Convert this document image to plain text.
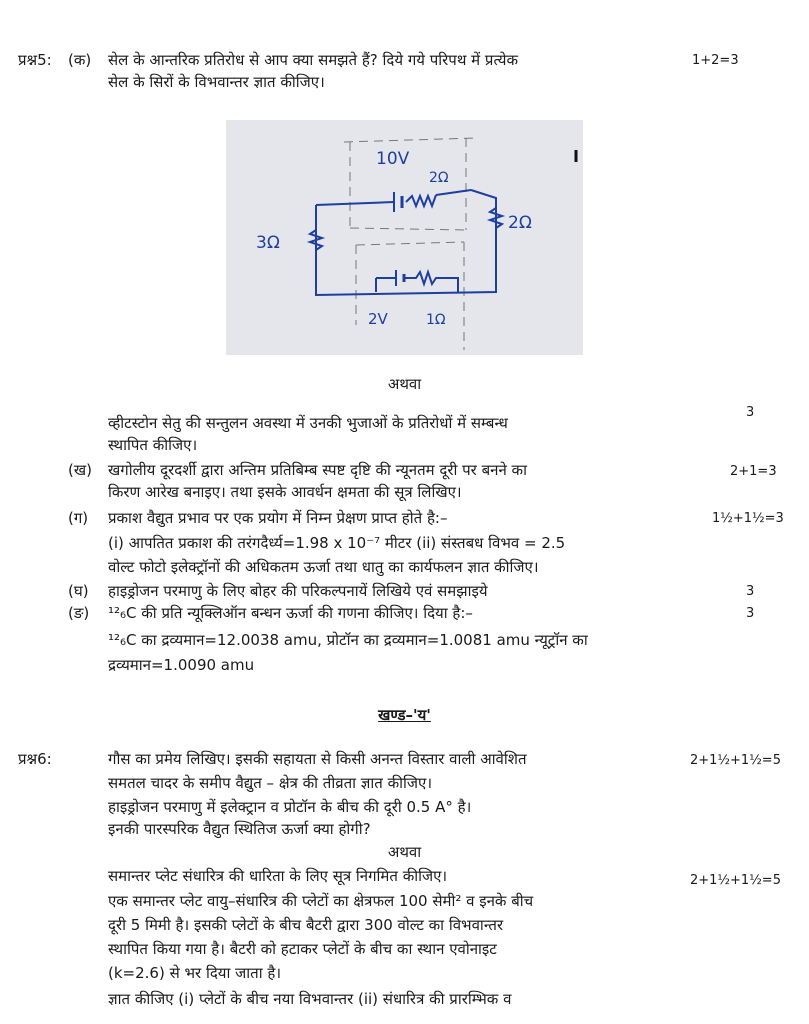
प्रश्न5: (क) सेल के आन्तरिक प्रतिरोध से आप क्या समझते हैं? दिये गये परिपथ में प्रत्येक
सेल के सिरों के विभवान्तर ज्ञात कीजिए।
1+2=3
10V
2Ω
2Ω
3Ω
2V	1Ω
अथवा
व्हीटस्टोन सेतु की सन्तुलन अवस्था में उनकी भुजाओं के प्रतिरोधों में सम्बन्ध
स्थापित कीजिए।
3
(ख) खगोलीय दूरदर्शी द्वारा अन्तिम प्रतिबिम्ब स्पष्ट दृष्टि की न्यूनतम दूरी पर बनने का
किरण आरेख बनाइए। तथा इसके आवर्धन क्षमता की सूत्र लिखिए।
2+1=3
(ग) प्रकाश वैद्युत प्रभाव पर एक प्रयोग में निम्न प्रेक्षण प्राप्त होते है:–
(i) आपतित प्रकाश की तरंगदैर्ध्य=1.98 x 10⁻⁷ मीटर (ii) संस्तबध विभव = 2.5
वोल्ट फोटो इलेक्ट्रॉनों की अधिकतम ऊर्जा तथा धातु का कार्यफलन ज्ञात कीजिए।
1½+1½=3
(घ) हाइड्रोजन परमाणु के लिए बोहर की परिकल्पनायें लिखिये एवं समझाइये	3
(ङ) ¹²₆C की प्रति न्यूक्लिऑन बन्धन ऊर्जा की गणना कीजिए। दिया है:–
¹²₆C का द्रव्यमान=12.0038 amu, प्रोटॉन का द्रव्यमान=1.0081 amu न्यूट्रॉन का
द्रव्यमान=1.0090 amu
3
खण्ड–'य'
प्रश्न6:	गौस का प्रमेय लिखिए। इसकी सहायता से किसी अनन्त विस्तार वाली आवेशित
समतल चादर के समीप वैद्युत – क्षेत्र की तीव्रता ज्ञात कीजिए।
हाइड्रोजन परमाणु में इलेक्ट्रान व प्रोटॉन के बीच की दूरी 0.5 A° है।
इनकी पारस्परिक वैद्युत स्थितिज ऊर्जा क्या होगी?
2+1½+1½=5
अथवा
समान्तर प्लेट संधारित्र की धारिता के लिए सूत्र निगमित कीजिए।	2+1½+1½=5
एक समान्तर प्लेट वायु–संधारित्र की प्लेटों का क्षेत्रफल 100 सेमी² व इनके बीच
दूरी 5 मिमी है। इसकी प्लेटों के बीच बैटरी द्वारा 300 वोल्ट का विभवान्तर
स्थापित किया गया है। बैटरी को हटाकर प्लेटों के बीच का स्थान एवोनाइट
(k=2.6) से भर दिया जाता है।
ज्ञात कीजिए (i) प्लेटों के बीच नया विभवान्तर (ii) संधारित्र की प्रारम्भिक व
